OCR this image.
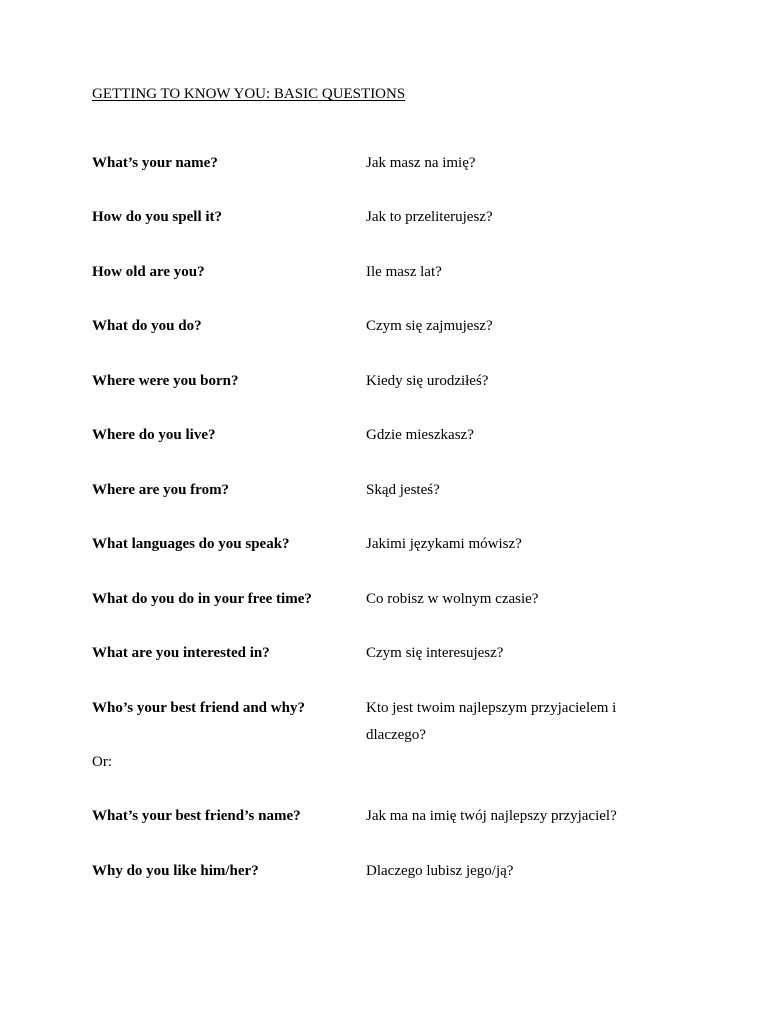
GETTING TO KNOW YOU: BASIC QUESTIONS
What’s your name?	Jak masz na imię?
How do you spell it?	Jak to przeliterujesz?
How old are you?	Ile masz lat?
What do you do?	Czym się zajmujesz?
Where were you born?	Kiedy się urodziłeś?
Where do you live?	Gdzie mieszkasz?
Where are you from?	Skąd jesteś?
What languages do you speak?	Jakimi językami mówisz?
What do you do in your free time?	Co robisz w wolnym czasie?
What are you interested in?	Czym się interesujesz?
Who’s your best friend and why?	Kto jest twoim najlepszym przyjacielem i dlaczego?
Or:
What’s your best friend’s name?	Jak ma na imię twój najlepszy przyjaciel?
Why do you like him/her?	Dlaczego lubisz jego/ją?
